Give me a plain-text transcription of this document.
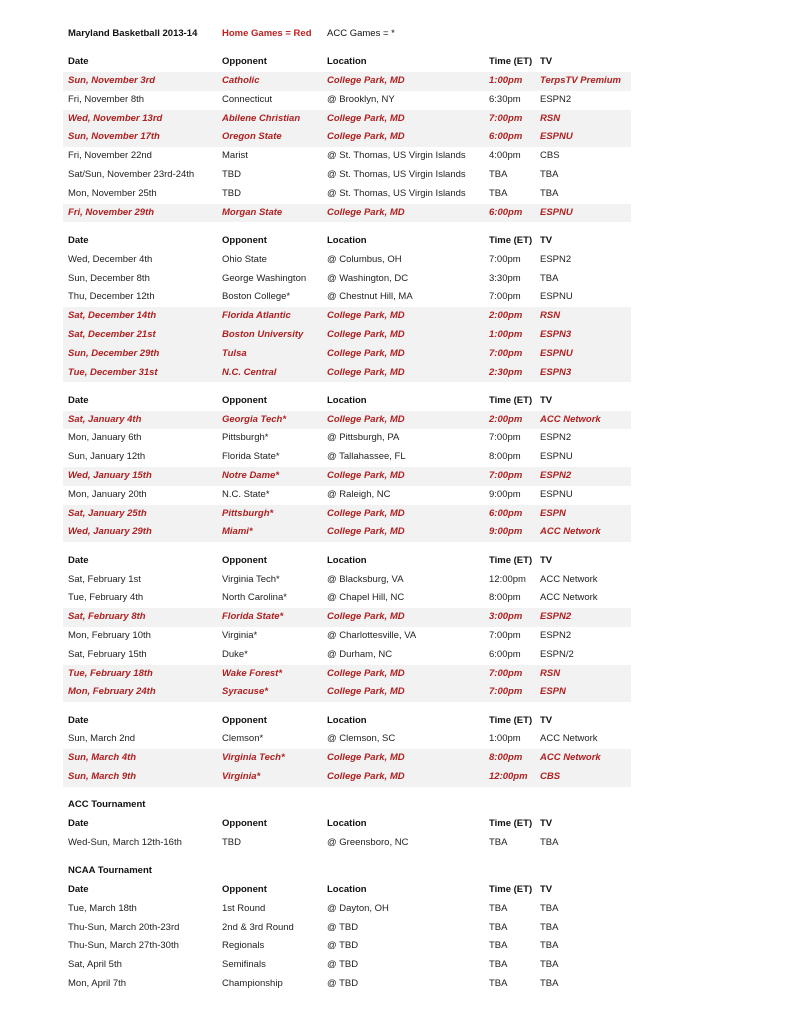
Maryland Basketball 2013-14	Home Games = Red ACC Games = *
Date	Opponent	Location	Time (ET) TV
Sun, November 3rd	Catholic	College Park, MD	1:00pm TerpsTV Premium
Fri, November 8th	Connecticut	@ Brooklyn, NY	6:30pm ESPN2
Wed, November 13rd	Abilene Christian	College Park, MD	7:00pm RSN
Sun, November 17th	Oregon State	College Park, MD	6:00pm ESPNU
Fri, November 22nd	Marist	@ St. Thomas, US Virgin Islands 4:00pm CBS
Sat/Sun, November 23rd-24th	TBD	@ St. Thomas, US Virgin Islands TBA	TBA
Mon, November 25th	TBD	@ St. Thomas, US Virgin Islands TBA	TBA
Fri, November 29th	Morgan State	College Park, MD	6:00pm ESPNU
Date	Opponent	Location	Time (ET) TV
Wed, December 4th	Ohio State	@ Columbus, OH	7:00pm ESPN2
Sun, December 8th	George Washington @ Washington, DC	3:30pm TBA
Thu, December 12th	Boston College*	@ Chestnut Hill, MA	7:00pm ESPNU
Sat, December 14th	Florida Atlantic	College Park, MD	2:00pm RSN
Sat, December 21st	Boston University College Park, MD	1:00pm ESPN3
Sun, December 29th	Tulsa	College Park, MD	7:00pm ESPNU
Tue, December 31st	N.C. Central	College Park, MD	2:30pm ESPN3
Date	Opponent	Location	Time (ET) TV
Sat, January 4th	Georgia Tech*	College Park, MD	2:00pm ACC Network
Mon, January 6th	Pittsburgh*	@ Pittsburgh, PA	7:00pm ESPN2
Sun, January 12th	Florida State*	@ Tallahassee, FL	8:00pm ESPNU
Wed, January 15th	Notre Dame*	College Park, MD	7:00pm ESPN2
Mon, January 20th	N.C. State*	@ Raleigh, NC	9:00pm ESPNU
Sat, January 25th	Pittsburgh*	College Park, MD	6:00pm ESPN
Wed, January 29th	Miami*	College Park, MD	9:00pm ACC Network
Date	Opponent	Location	Time (ET) TV
Sat, February 1st	Virginia Tech*	@ Blacksburg, VA	12:00pm ACC Network
Tue, February 4th	North Carolina*	@ Chapel Hill, NC	8:00pm ACC Network
Sat, February 8th	Florida State*	College Park, MD	3:00pm ESPN2
Mon, February 10th	Virginia*	@ Charlottesville, VA	7:00pm ESPN2
Sat, February 15th	Duke*	@ Durham, NC	6:00pm ESPN/2
Tue, February 18th	Wake Forest*	College Park, MD	7:00pm RSN
Mon, February 24th	Syracuse*	College Park, MD	7:00pm ESPN
Date	Opponent	Location	Time (ET) TV
Sun, March 2nd	Clemson*	@ Clemson, SC	1:00pm ACC Network
Sun, March 4th	Virginia Tech*	College Park, MD	8:00pm ACC Network
Sun, March 9th	Virginia*	College Park, MD	12:00pm CBS
ACC Tournament
Date	Opponent	Location	Time (ET) TV
Wed-Sun, March 12th-16th	TBD	@ Greensboro, NC	TBA	TBA
NCAA Tournament
Date	Opponent	Location	Time (ET) TV
Tue, March 18th	1st Round	@ Dayton, OH	TBA	TBA
Thu-Sun, March 20th-23rd	2nd & 3rd Round	@ TBD	TBA	TBA
Thu-Sun, March 27th-30th	Regionals	@ TBD	TBA	TBA
Sat, April 5th	Semifinals	@ TBD	TBA	TBA
Mon, April 7th	Championship	@ TBD	TBA	TBA
